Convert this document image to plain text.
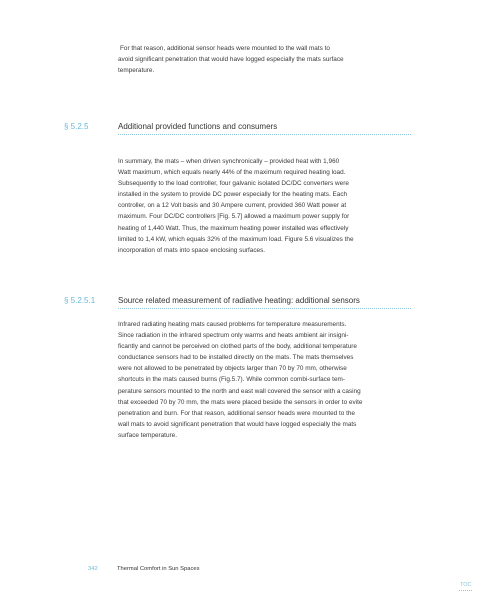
For that reason, additional sensor heads were mounted to the wall mats to
avoid significant penetration that would have logged especially the mats surface
temperature.
§ 5.2.5	Additional provided functions and consumers
In summary, the mats – when driven synchronically – provided heat with 1,960
Watt maximum, which equals nearly 44% of the maximum required heating load.
Subsequently to the load controller, four galvanic isolated DC/DC converters were
installed in the system to provide DC power especially for the heating mats. Each
controller, on a 12 Volt basis and 30 Ampere current, provided 360 Watt power at
maximum. Four DC/DC controllers [Fig. 5.7] allowed a maximum power supply for
heating of 1,440 Watt. Thus, the maximum heating power installed was effectively
limited to 1,4 kW, which equals 32% of the maximum load. Figure 5.6 visualizes the
incorporation of mats into space enclosing surfaces.
§ 5.2.5.1	Source related measurement of radiative heating: additional sensors
Infrared radiating heating mats caused problems for temperature measurements.
Since radiation in the infrared spectrum only warms and heats ambient air insigni-
ficantly and cannot be perceived on clothed parts of the body, additional temperature
conductance sensors had to be installed directly on the mats. The mats themselves
were not allowed to be penetrated by objects larger than 70 by 70 mm, otherwise
shortcuts in the mats caused burns (Fig.5.7). While common combi-surface tem-
perature sensors mounted to the north and east wall covered the sensor with a casing
that exceeded 70 by 70 mm, the mats were placed beside the sensors in order to evite
penetration and burn. For that reason, additional sensor heads were mounted to the
wall mats to avoid significant penetration that would have logged especially the mats
surface temperature.
342	Thermal Comfort in Sun Spaces
TOC
